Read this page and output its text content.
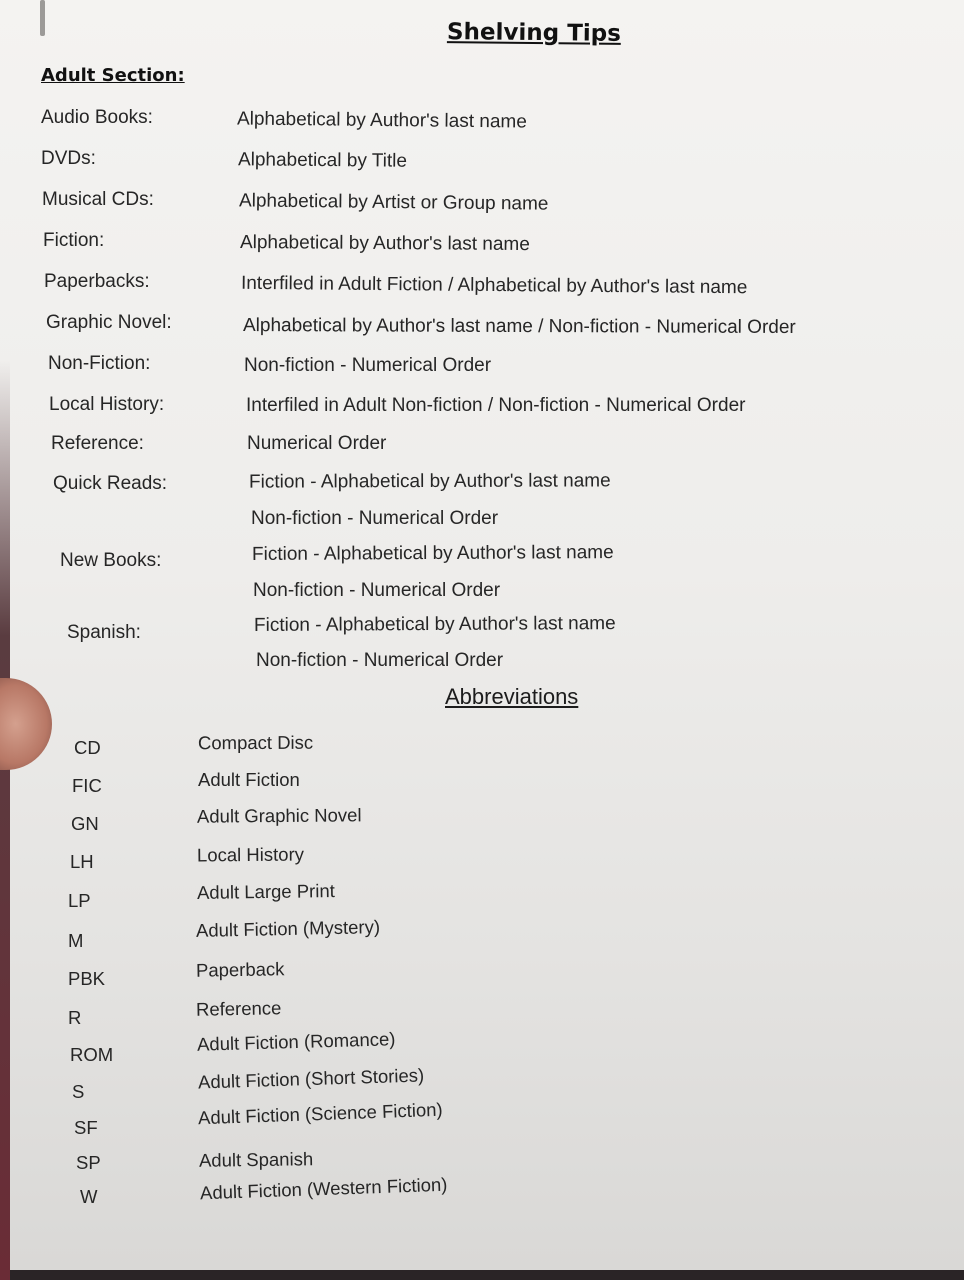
Shelving Tips
Adult Section:
Audio Books:	Alphabetical by Author's last name
DVDs:	Alphabetical by Title
Musical CDs:	Alphabetical by Artist or Group name
Fiction:	Alphabetical by Author's last name
Paperbacks:	Interfiled in Adult Fiction / Alphabetical by Author's last name
Graphic Novel:	Alphabetical by Author's last name / Non-fiction - Numerical Order
Non-Fiction:	Non-fiction - Numerical Order
Local History:	Interfiled in Adult Non-fiction / Non-fiction - Numerical Order
Reference:	Numerical Order
Quick Reads:	Fiction - Alphabetical by Author's last name
Non-fiction - Numerical Order
New Books:	Fiction - Alphabetical by Author's last name
Non-fiction - Numerical Order
Spanish:	Fiction - Alphabetical by Author's last name
Non-fiction - Numerical Order
Abbreviations
CD	Compact Disc
FIC	Adult Fiction
GN	Adult Graphic Novel
LH	Local History
LP	Adult Large Print
M	Adult Fiction (Mystery)
PBK	Paperback
R	Reference
ROM	Adult Fiction (Romance)
S	Adult Fiction (Short Stories)
SF	Adult Fiction (Science Fiction)
SP	Adult Spanish
W	Adult Fiction (Western Fiction)
